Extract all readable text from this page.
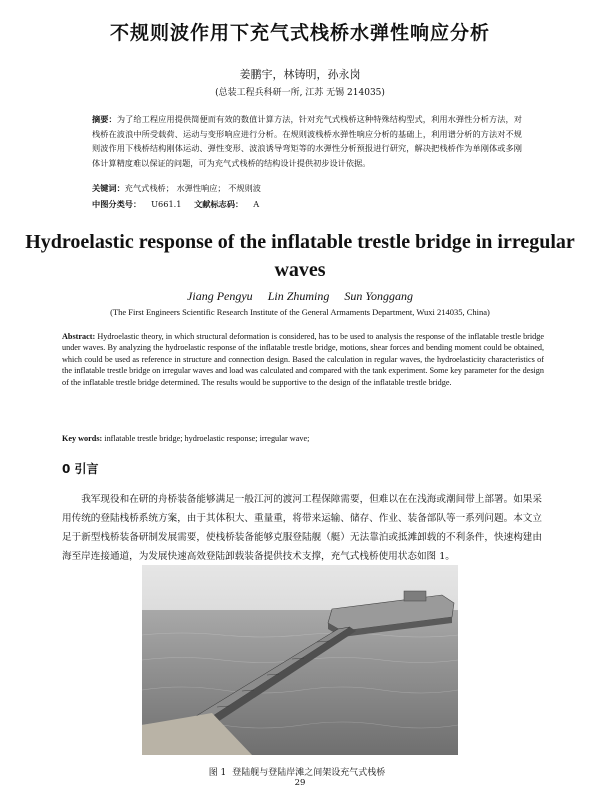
不规则波作用下充气式栈桥水弹性响应分析
姜鹏宇，林铸明，孙永岗
(总装工程兵科研一所, 江苏 无锡 214035)
摘要：为了给工程应用提供简便而有效的数值计算方法，针对充气式栈桥这种特殊结构型式，利用水弹性分析方法，对栈桥在波浪中所受载荷、运动与变形响应进行分析。在规则波栈桥水弹性响应分析的基础上，利用谱分析的方法对不规则波作用下栈桥结构刚体运动、弹性变形、波浪诱导弯矩等的水弹性分析预报进行研究，解决把栈桥作为单刚体或多刚体计算精度难以保证的问题，可为充气式栈桥的结构设计提供初步设计依据。
关键词：充气式栈桥； 水弹性响应； 不规则波
中图分类号： U661.1 文献标志码： A
Hydroelastic response of the inflatable trestle bridge in irregular waves
Jiang Pengyu Lin Zhuming Sun Yonggang
(The First Engineers Scientific Research Institute of the General Armaments Department, Wuxi 214035, China)
Abstract: Hydroelastic theory, in which structural deformation is considered, has to be used to analysis the response of the inflatable trestle bridge under waves. By analyzing the hydroelastic response of the inflatable trestle bridge, motions, shear forces and bending moment could be obtained, which could be used as reference in structure and connection design. Based the calculation in regular waves, the hydroelasticity characteristics of the inflatable trestle bridge on irregular waves and load was calculated and compared with the tank experiment. Some key parameter for the design of the inflatable trestle bridge determined. The results would be supportive to the design of the inflatable trestle bridge.
Key words: inflatable trestle bridge; hydroelastic response; irregular wave;
0 引言
我军现役和在研的舟桥装备能够满足一般江河的渡河工程保障需要，但难以在在浅海或潮间带上部署。如果采用传统的登陆栈桥系统方案，由于其体积大、重量重，将带来运输、储存、作业、装备部队等一系列问题。本文立足于新型栈桥装备研制发展需要，使栈桥装备能够克服登陆舰（艇）无法靠泊或抵滩卸载的不利条件，快速构建由海至岸连接通道，为发展快速高效登陆卸载装备提供技术支撑，充气式栈桥使用状态如图 1。
图 1 登陆舰与登陆岸滩之间架设充气式栈桥
29
